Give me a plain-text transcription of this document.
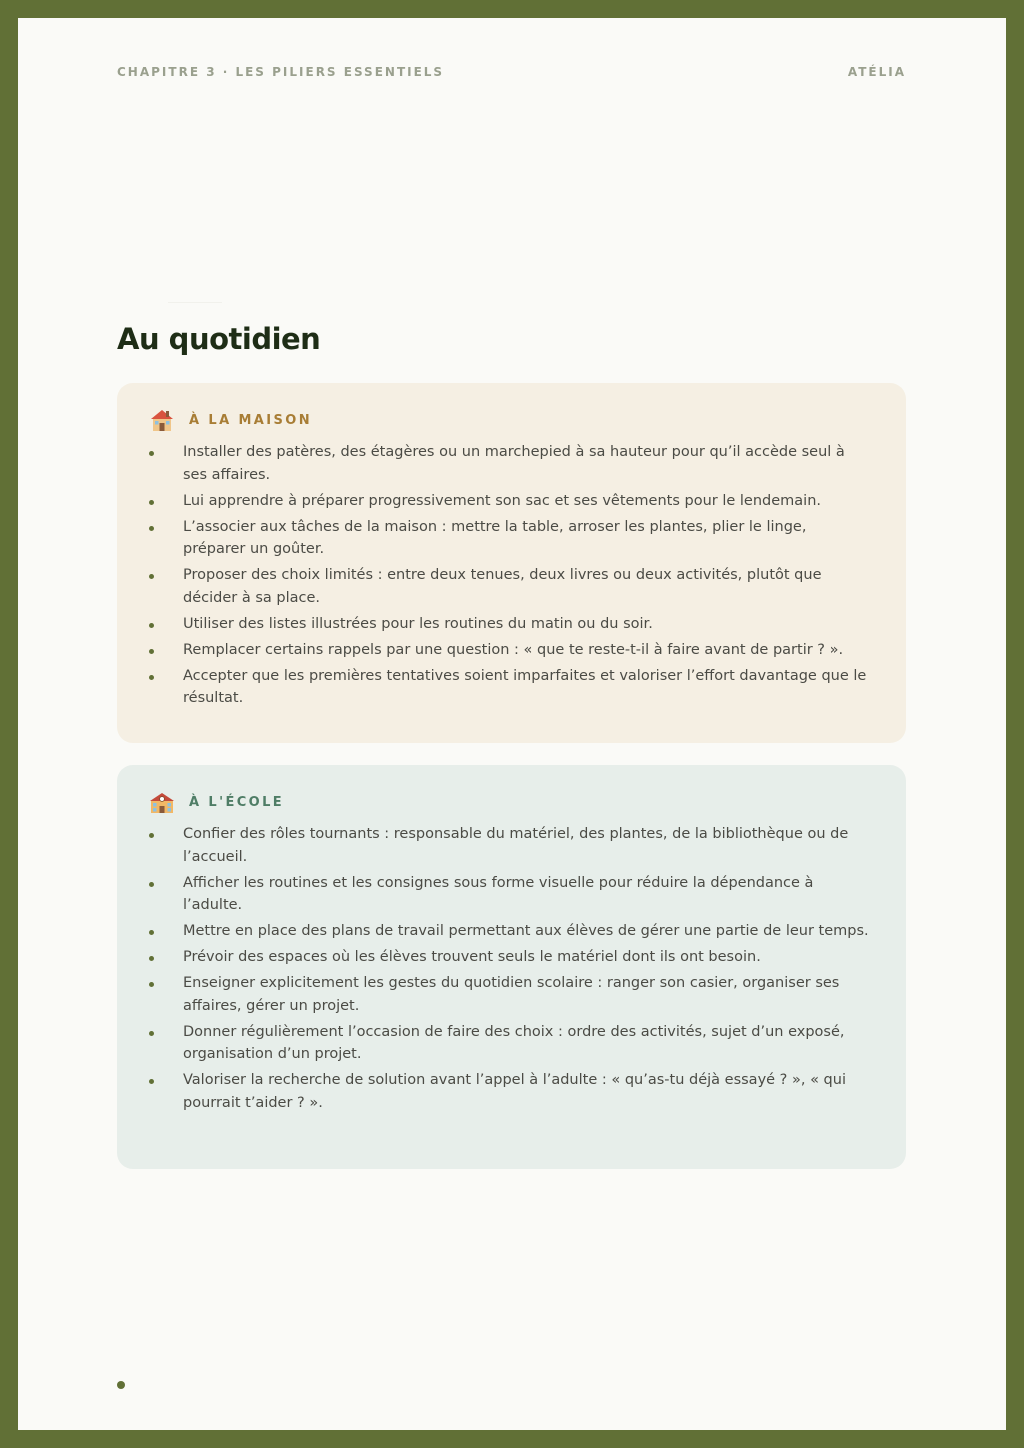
CHAPITRE 3 · LES PILIERS ESSENTIELS	ATÉLIA
Au quotidien
À LA MAISON
Installer des patères, des étagères ou un marchepied à sa hauteur pour qu’il accède seul à ses affaires.
Lui apprendre à préparer progressivement son sac et ses vêtements pour le lendemain.
L’associer aux tâches de la maison : mettre la table, arroser les plantes, plier le linge, préparer un goûter.
Proposer des choix limités : entre deux tenues, deux livres ou deux activités, plutôt que décider à sa place.
Utiliser des listes illustrées pour les routines du matin ou du soir.
Remplacer certains rappels par une question : « que te reste-t-il à faire avant de partir ? ».
Accepter que les premières tentatives soient imparfaites et valoriser l’effort davantage que le résultat.
À L'ÉCOLE
Confier des rôles tournants : responsable du matériel, des plantes, de la bibliothèque ou de l’accueil.
Afficher les routines et les consignes sous forme visuelle pour réduire la dépendance à l’adulte.
Mettre en place des plans de travail permettant aux élèves de gérer une partie de leur temps.
Prévoir des espaces où les élèves trouvent seuls le matériel dont ils ont besoin.
Enseigner explicitement les gestes du quotidien scolaire : ranger son casier, organiser ses affaires, gérer un projet.
Donner régulièrement l’occasion de faire des choix : ordre des activités, sujet d’un exposé, organisation d’un projet.
Valoriser la recherche de solution avant l’appel à l’adulte : « qu’as-tu déjà essayé ? », « qui pourrait t’aider ? ».
